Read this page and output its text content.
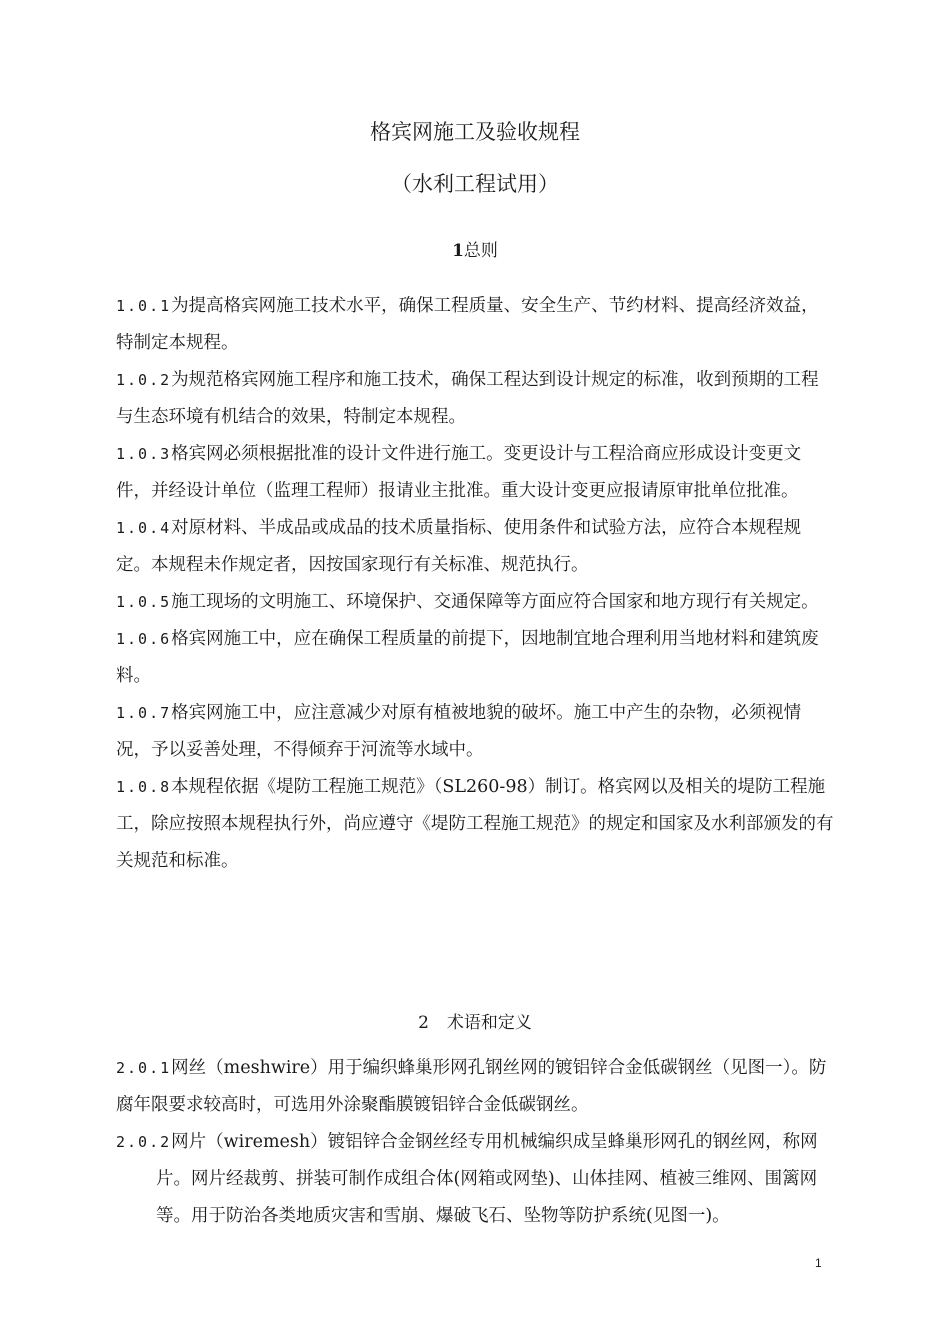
格宾网施工及验收规程
（水利工程试用）
1总则

1.0.1为提高格宾网施工技术水平，确保工程质量、安全生产、节约材料、提高经济效益，特制定本规程。

1.0.2为规范格宾网施工程序和施工技术，确保工程达到设计规定的标准，收到预期的工程与生态环境有机结合的效果，特制定本规程。

1.0.3格宾网必须根据批准的设计文件进行施工。变更设计与工程洽商应形成设计变更文件，并经设计单位（监理工程师）报请业主批准。重大设计变更应报请原审批单位批准。

1.0.4对原材料、半成品或成品的技术质量指标、使用条件和试验方法，应符合本规程规定。本规程未作规定者，因按国家现行有关标准、规范执行。

1.0.5施工现场的文明施工、环境保护、交通保障等方面应符合国家和地方现行有关规定。

1.0.6格宾网施工中，应在确保工程质量的前提下，因地制宜地合理利用当地材料和建筑废料。

1.0.7格宾网施工中，应注意减少对原有植被地貌的破坏。施工中产生的杂物，必须视情况，予以妥善处理，不得倾弃于河流等水域中。

1.0.8本规程依据《堤防工程施工规范》（SL260-98）制订。格宾网以及相关的堤防工程施工，除应按照本规程执行外，尚应遵守《堤防工程施工规范》的规定和国家及水利部颁发的有关规范和标准。

2 术语和定义

2.0.1网丝（meshwire）用于编织蜂巢形网孔钢丝网的镀铝锌合金低碳钢丝（见图一）。防腐年限要求较高时，可选用外涂聚酯膜镀铝锌合金低碳钢丝。

2.0.2网片（wiremesh）镀铝锌合金钢丝经专用机械编织成呈蜂巢形网孔的钢丝网，称网片。网片经裁剪、拼装可制作成组合体(网箱或网垫)、山体挂网、植被三维网、围篱网等。用于防治各类地质灾害和雪崩、爆破飞石、坠物等防护系统(见图一)。

1
